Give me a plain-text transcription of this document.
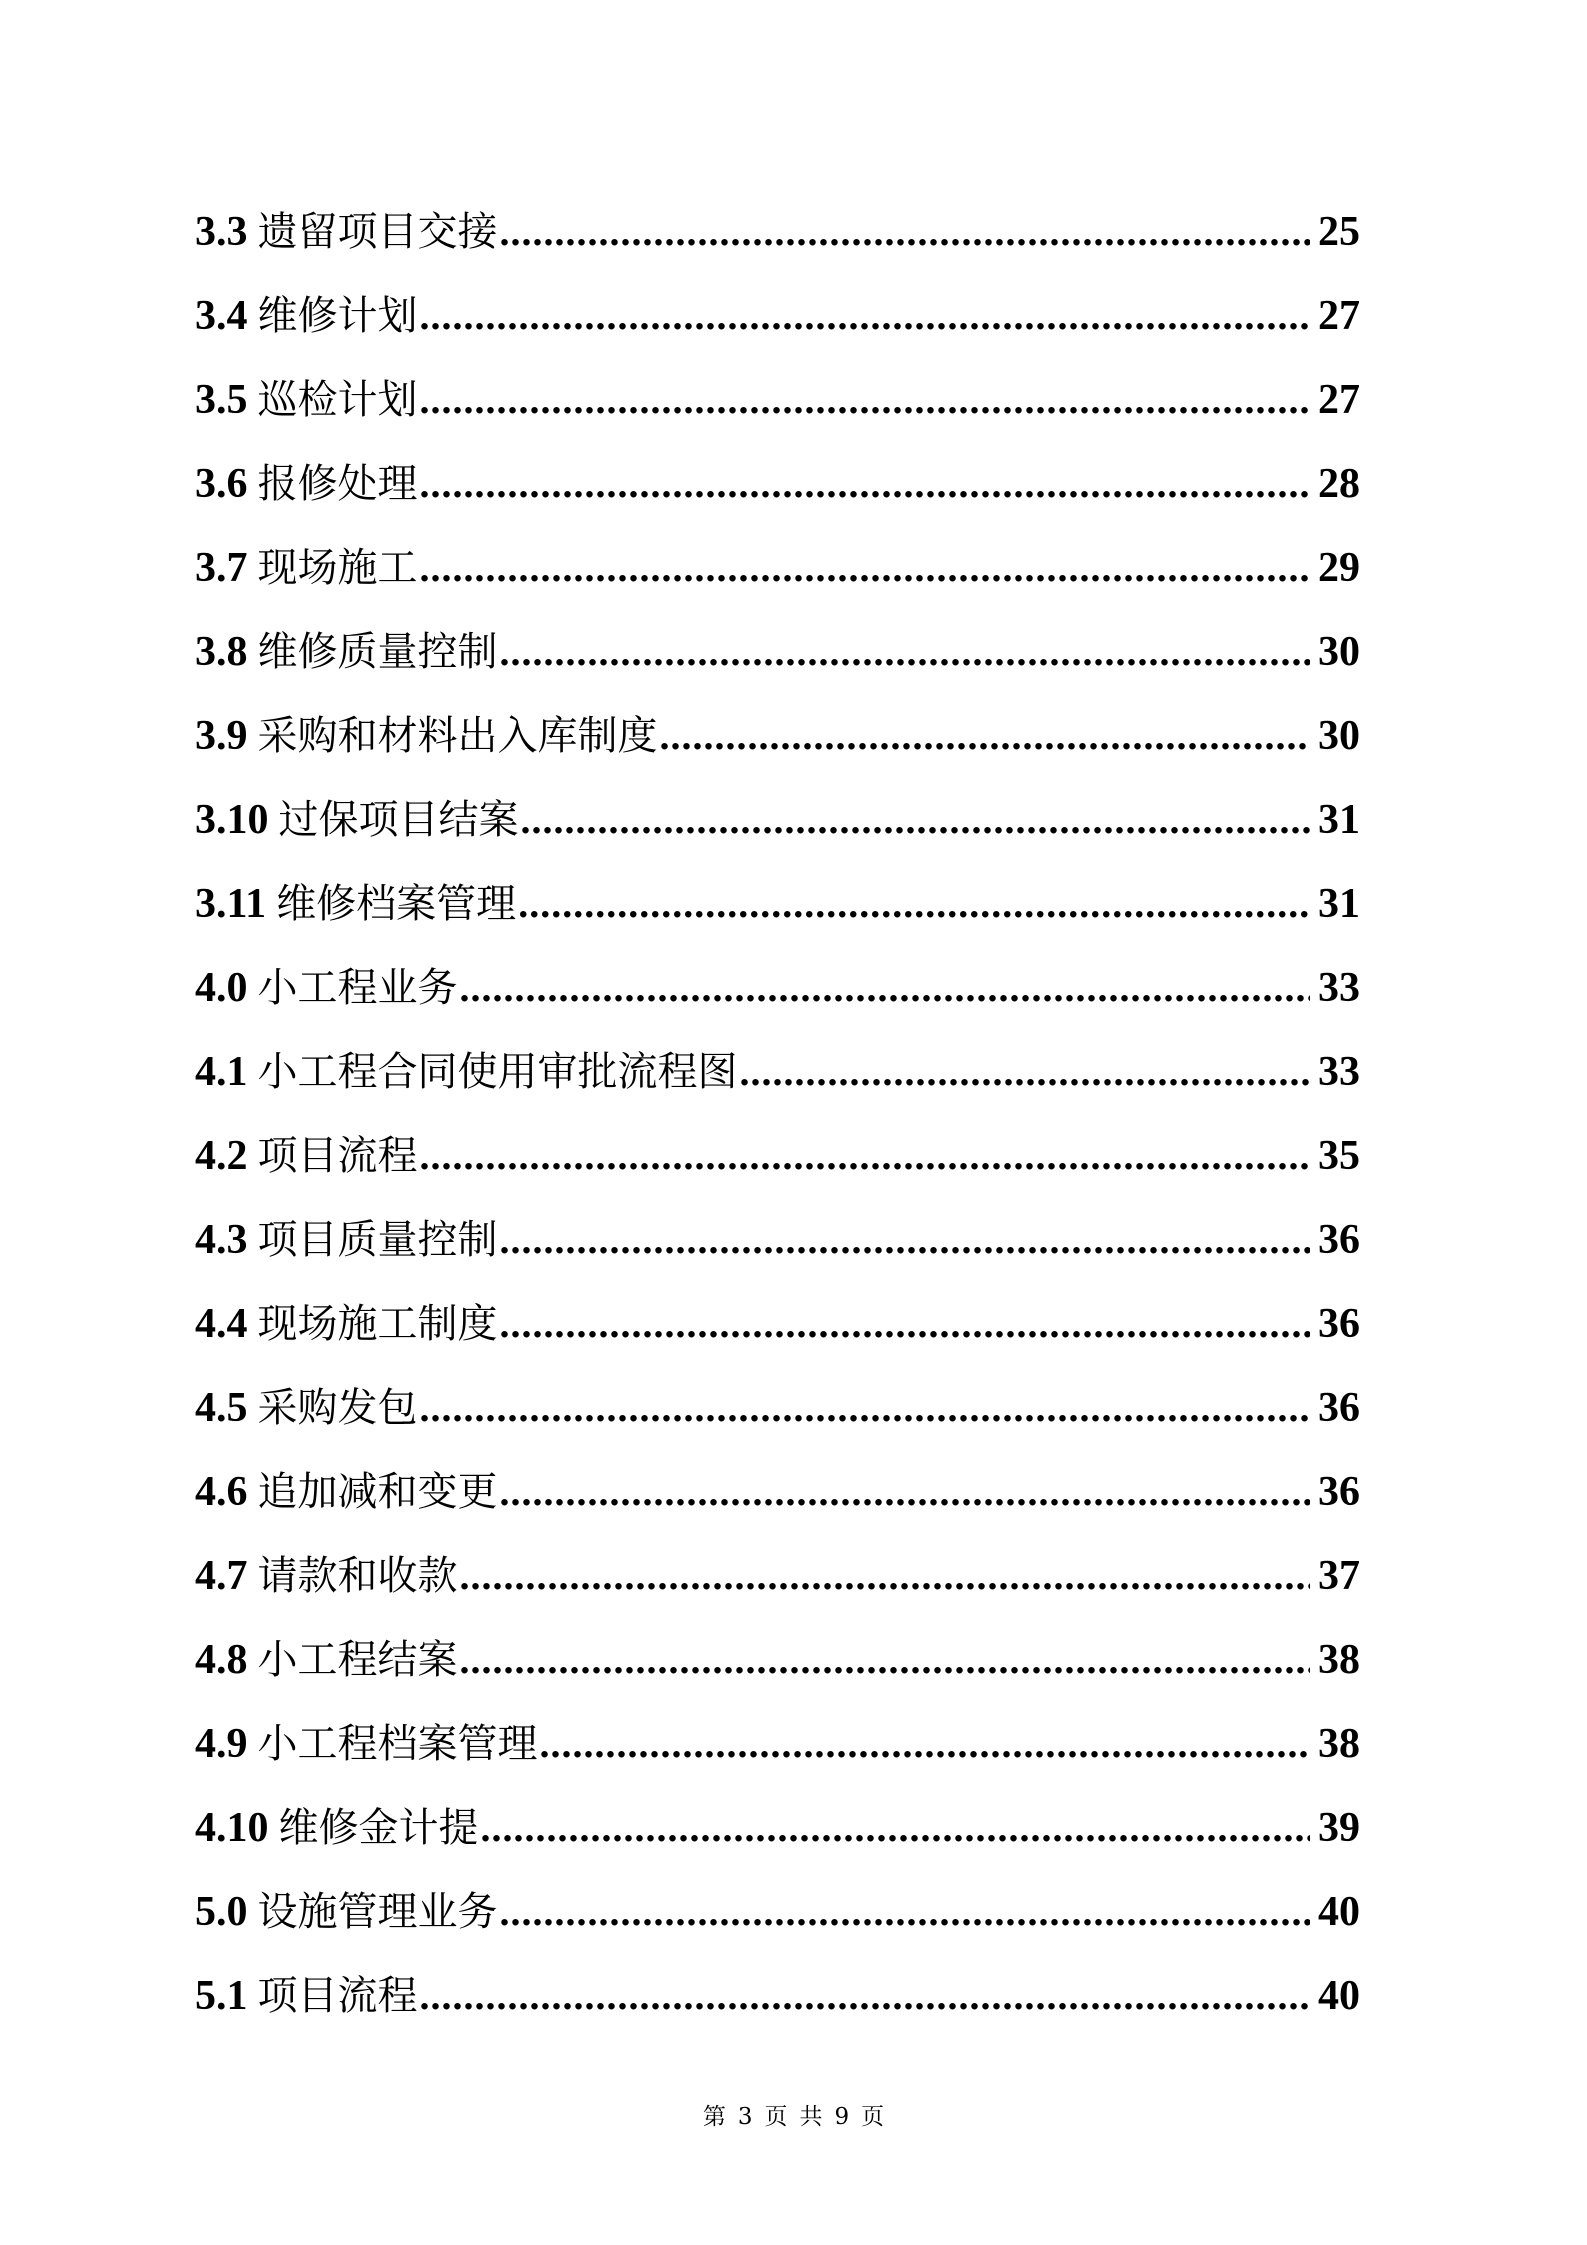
3.3 遗留项目交接 .....	25
3.4 维修计划 .....	27
3.5 巡检计划 .....	27
3.6 报修处理 .....	28
3.7 现场施工 .....	29
3.8 维修质量控制 .....	30
3.9 采购和材料出入库制度 .....	30
3.10 过保项目结案 .....	31
3.11 维修档案管理 .....	31
4.0 小工程业务 .....	33
4.1 小工程合同使用审批流程图 .....	33
4.2 项目流程 .....	35
4.3 项目质量控制 .....	36
4.4 现场施工制度 .....	36
4.5 采购发包 .....	36
4.6 追加减和变更 .....	36
4.7 请款和收款 .....	37
4.8 小工程结案 .....	38
4.9 小工程档案管理 .....	38
4.10 维修金计提 .....	39
5.0 设施管理业务 .....	40
5.1 项目流程 .....	40
第 3 页 共 9 页
